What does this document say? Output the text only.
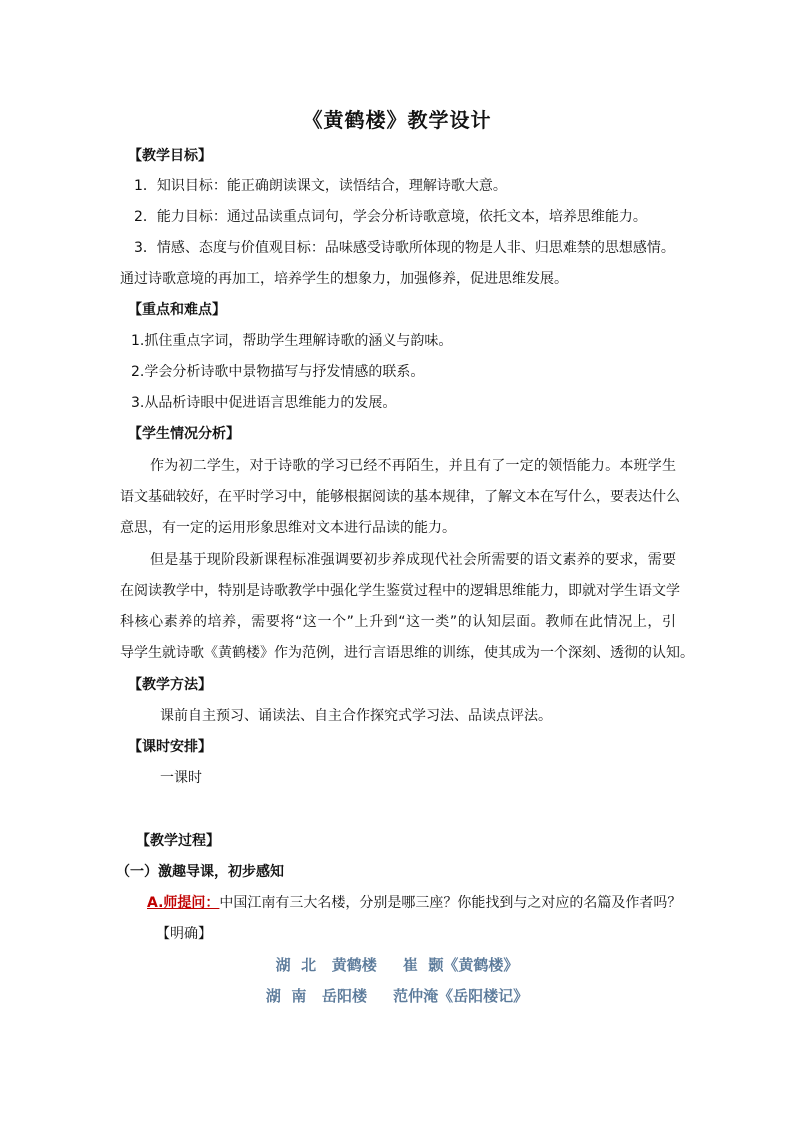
《黄鹤楼》教学设计
【教学目标】
1．知识目标：能正确朗读课文，读悟结合，理解诗歌大意。
2．能力目标：通过品读重点词句，学会分析诗歌意境，依托文本，培养思维能力。
3．情感、态度与价值观目标：品味感受诗歌所体现的物是人非、归思难禁的思想感情。
通过诗歌意境的再加工，培养学生的想象力，加强修养，促进思维发展。
【重点和难点】
1.抓住重点字词，帮助学生理解诗歌的涵义与韵味。
2.学会分析诗歌中景物描写与抒发情感的联系。
3.从品析诗眼中促进语言思维能力的发展。
【学生情况分析】
作为初二学生，对于诗歌的学习已经不再陌生，并且有了一定的领悟能力。本班学生
语文基础较好，在平时学习中，能够根据阅读的基本规律，了解文本在写什么，要表达什么
意思，有一定的运用形象思维对文本进行品读的能力。
但是基于现阶段新课程标准强调要初步养成现代社会所需要的语文素养的要求，需要
在阅读教学中，特别是诗歌教学中强化学生鉴赏过程中的逻辑思维能力，即就对学生语文学
科核心素养的培养，需要将“这一个”上升到“这一类”的认知层面。教师在此情况上，引
导学生就诗歌《黄鹤楼》作为范例，进行言语思维的训练，使其成为一个深刻、透彻的认知。
【教学方法】
课前自主预习、诵读法、自主合作探究式学习法、品读点评法。
【课时安排】
一课时
【教学过程】
（一）激趣导课，初步感知
A.师提问：中国江南有三大名楼，分别是哪三座？你能找到与之对应的名篇及作者吗？
【明确】
湖  北   黄鹤楼     崔  颢《黄鹤楼》
湖  南   岳阳楼     范仲淹《岳阳楼记》
